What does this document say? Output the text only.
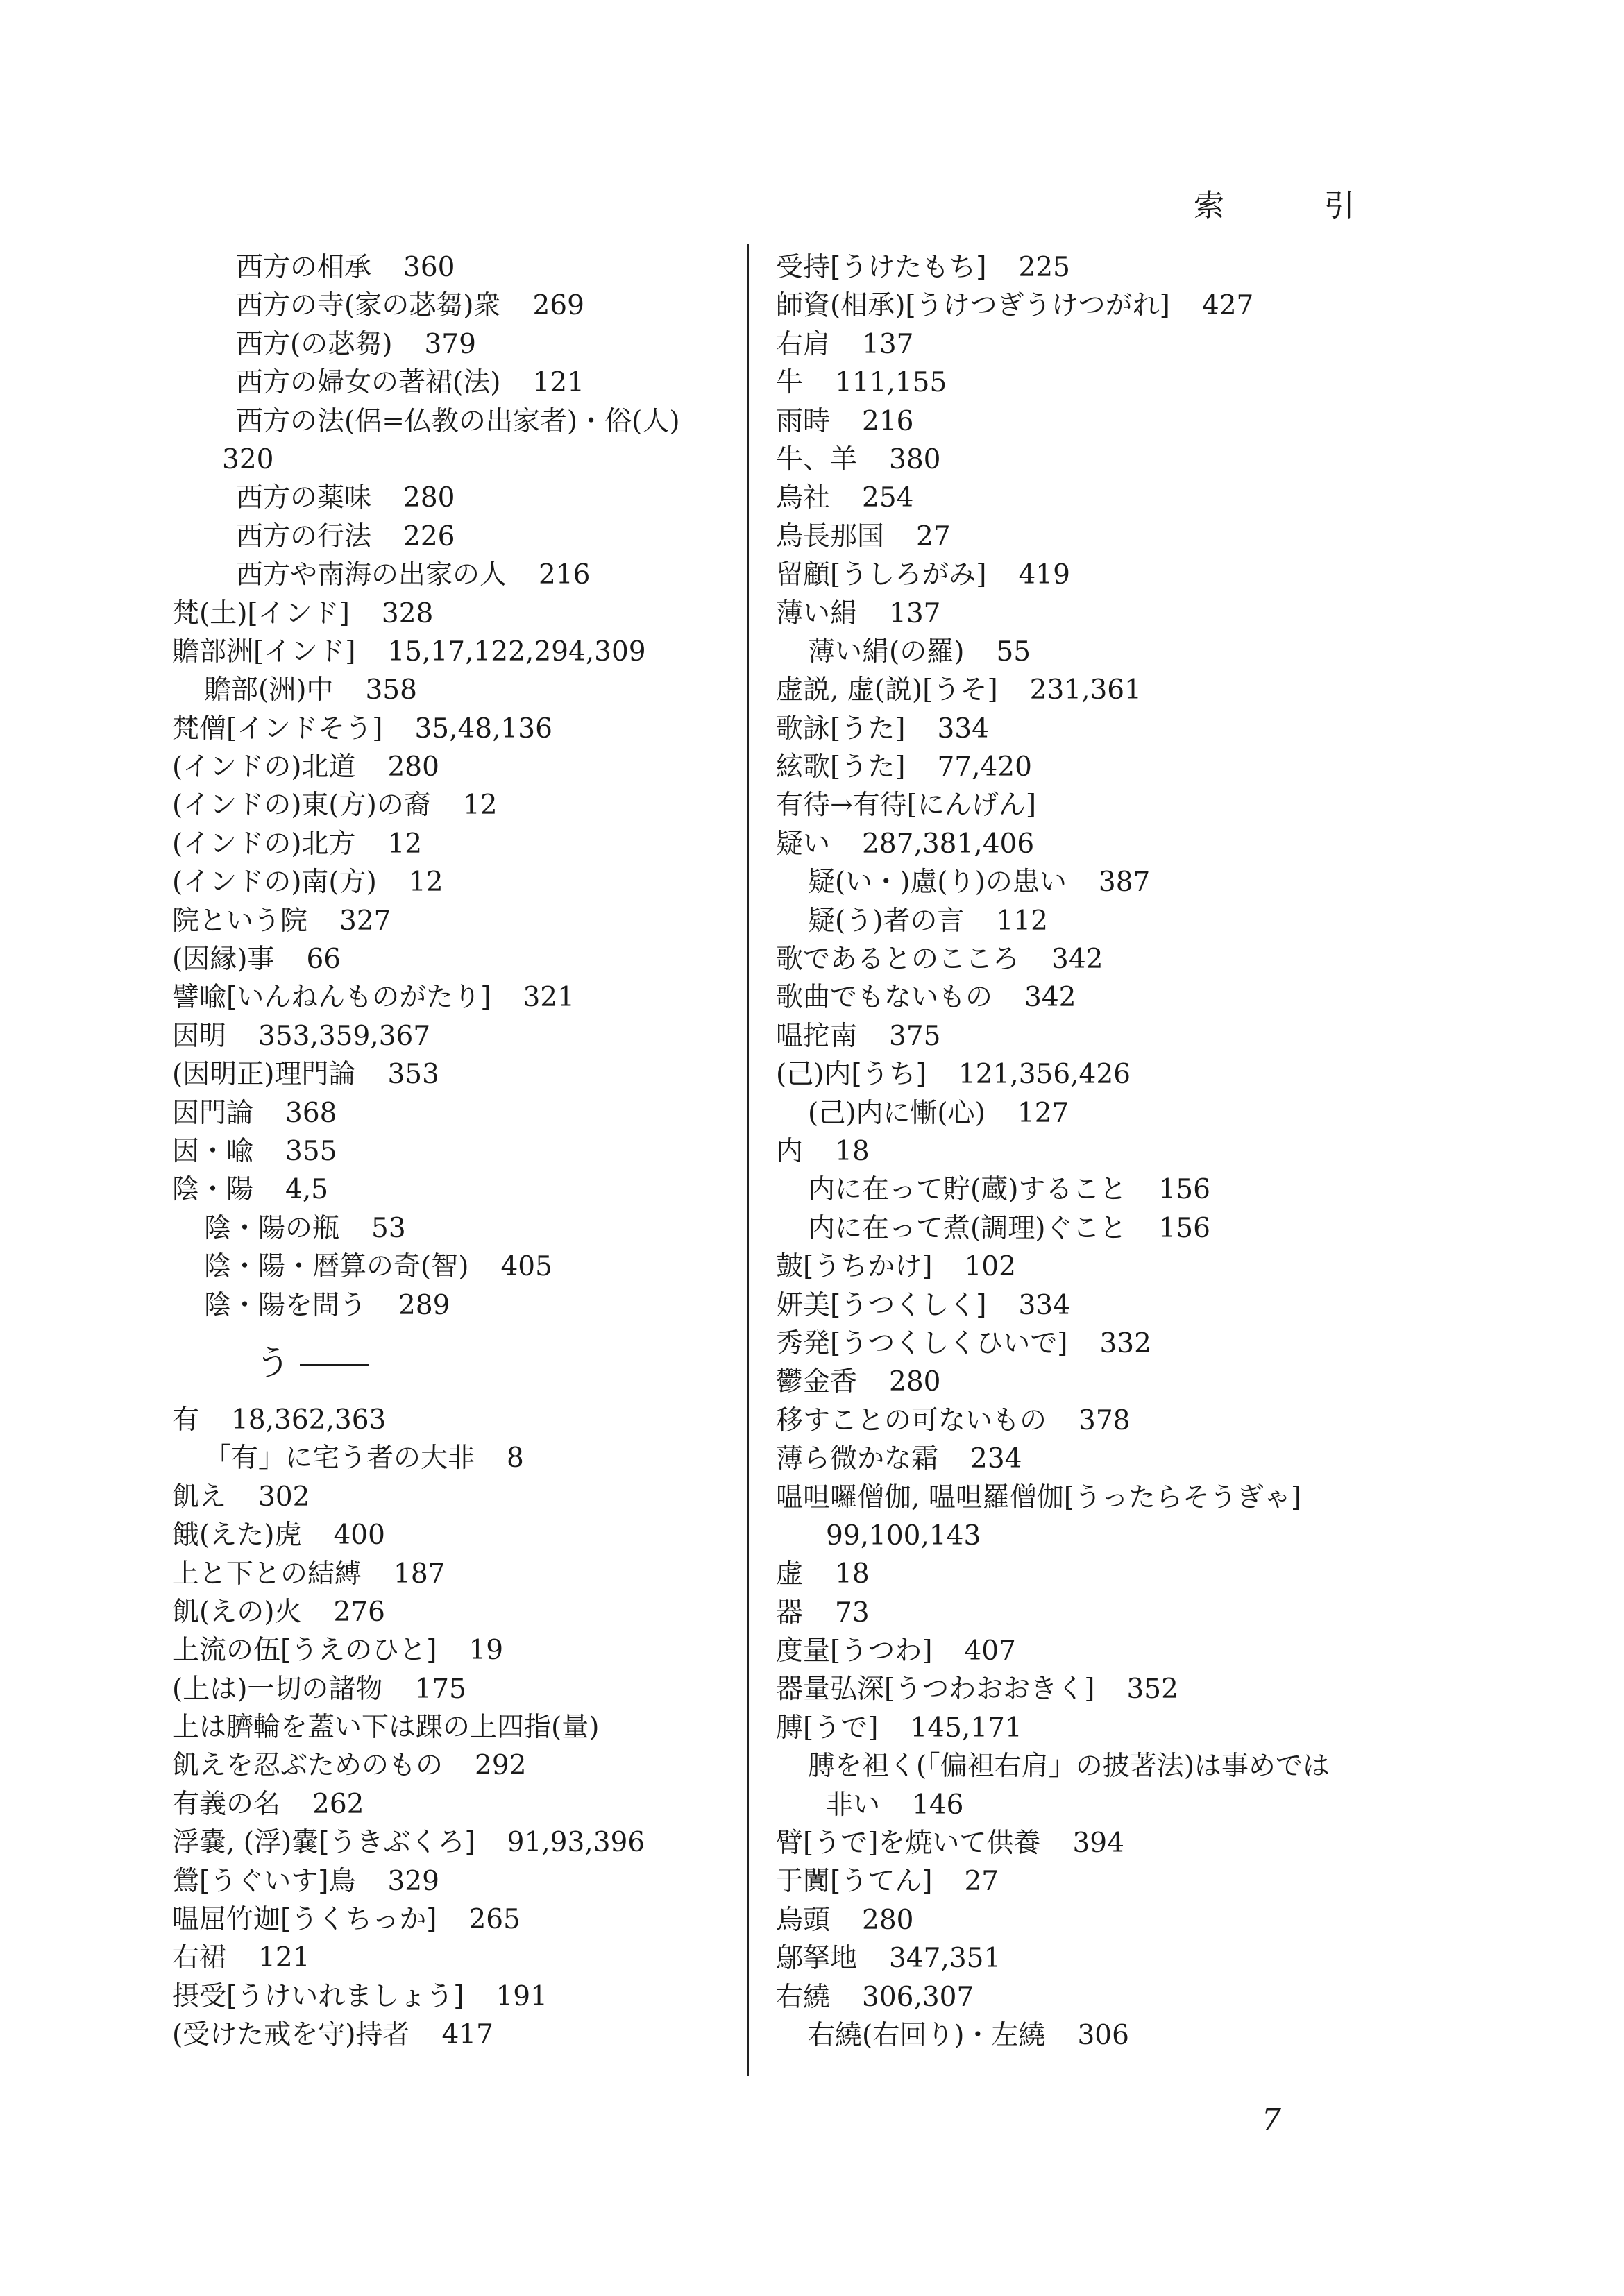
索　引
西方の相承 360
西方の寺(家の苾芻)衆 269
西方(の苾芻) 379
西方の婦女の著裙(法) 121
西方の法(侶=仏教の出家者)・俗(人)
320
西方の薬味 280
西方の行法 226
西方や南海の出家の人 216
梵(土)[インド] 328
贍部洲[インド] 15,17,122,294,309
贍部(洲)中 358
梵僧[インドそう] 35,48,136
(インドの)北道 280
(インドの)東(方)の裔 12
(インドの)北方 12
(インドの)南(方) 12
院という院 327
(因縁)事 66
譬喩[いんねんものがたり] 321
因明 353,359,367
(因明正)理門論 353
因門論 368
因・喩 355
陰・陽 4,5
陰・陽の瓶 53
陰・陽・暦算の奇(智) 405
陰・陽を問う 289
う
有 18,362,363
「有」に宅う者の大非 8
飢え 302
餓(えた)虎 400
上と下との結縛 187
飢(えの)火 276
上流の伍[うえのひと] 19
(上は)一切の諸物 175
上は臍輪を蓋い下は踝の上四指(量)
飢えを忍ぶためのもの 292
有義の名 262
浮嚢, (浮)嚢[うきぶくろ] 91,93,396
鶯[うぐいす]鳥 329
嗢屈竹迦[うくちっか] 265
右裙 121
摂受[うけいれましょう] 191
(受けた戒を守)持者 417
受持[うけたもち] 225
師資(相承)[うけつぎうけつがれ] 427
右肩 137
牛 111,155
雨時 216
牛、羊 380
烏社 254
烏長那国 27
留顧[うしろがみ] 419
薄い絹 137
薄い絹(の羅) 55
虚説, 虚(説)[うそ] 231,361
歌詠[うた] 334
絃歌[うた] 77,420
有待→有待[にんげん]
疑い 287,381,406
疑(い・)慮(り)の患い 387
疑(う)者の言 112
歌であるとのこころ 342
歌曲でもないもの 342
嗢拕南 375
(己)内[うち] 121,356,426
(己)内に慚(心) 127
内 18
内に在って貯(蔵)すること 156
内に在って煮(調理)ぐこと 156
皷[うちかけ] 102
妍美[うつくしく] 334
秀発[うつくしくひいで] 332
鬱金香 280
移すことの可ないもの 378
薄ら微かな霜 234
嗢呾囉僧伽, 嗢呾羅僧伽[うったらそうぎゃ]
99,100,143
虚 18
器 73
度量[うつわ] 407
器量弘深[うつわおおきく] 352
膊[うで] 145,171
膊を袒く(「偏袒右肩」の披著法)は事めでは
非い 146
臂[うで]を焼いて供養 394
于闐[うてん] 27
烏頭 280
鄔拏地 347,351
右繞 306,307
右繞(右回り)・左繞 306
7
